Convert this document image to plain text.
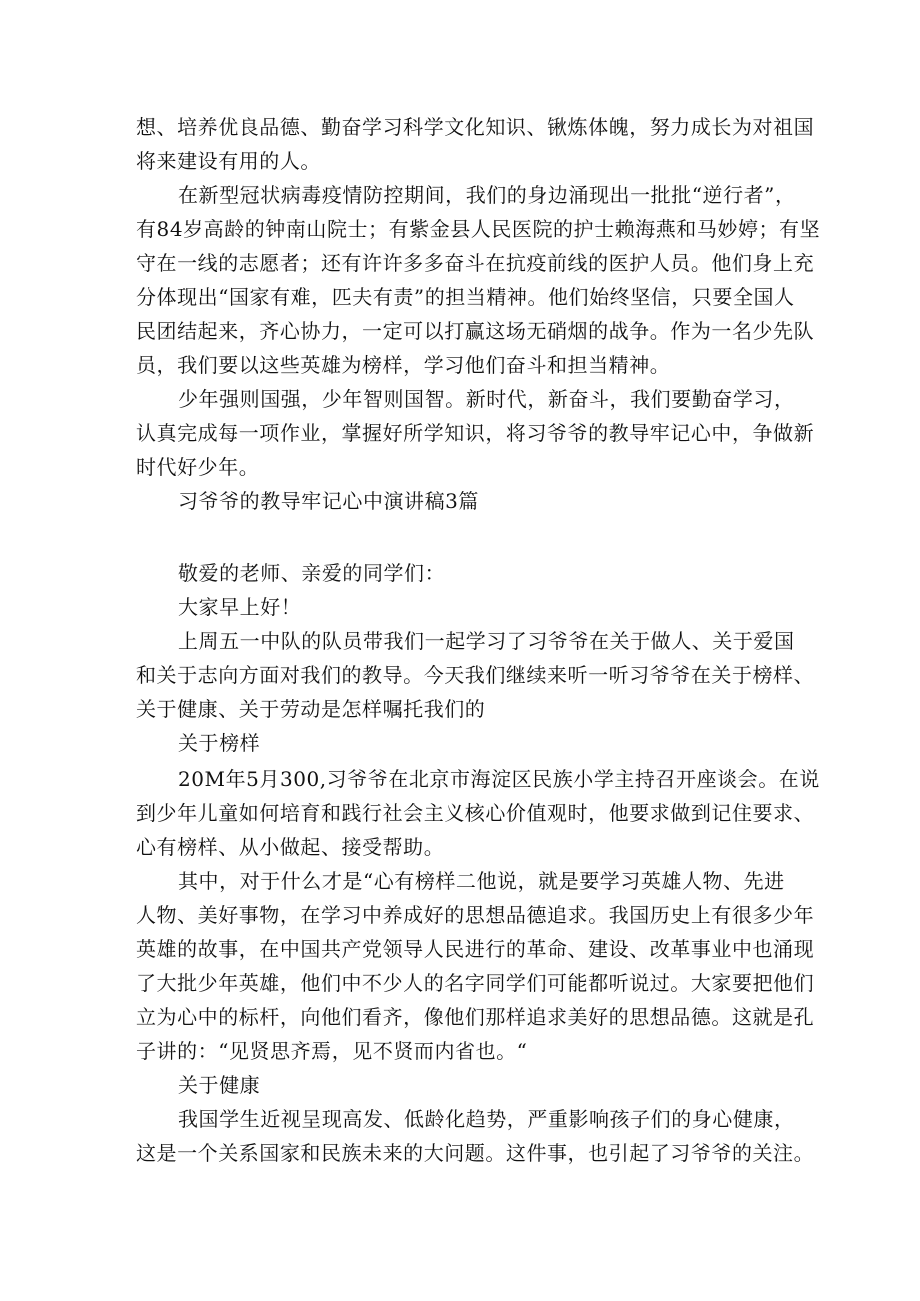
想、培养优良品德、勤奋学习科学文化知识、锹炼体魄，努力成长为对祖国

将来建设有用的人。

在新型冠状病毒疫情防控期间，我们的身边涌现出一批批“逆行者”，

有84岁高龄的钟南山院士；有紫金县人民医院的护士赖海燕和马妙婷；有坚

守在一线的志愿者；还有许许多多奋斗在抗疫前线的医护人员。他们身上充

分体现出“国家有难，匹夫有责”的担当精神。他们始终坚信，只要全国人

民团结起来，齐心协力，一定可以打赢这场无硝烟的战争。作为一名少先队

员，我们要以这些英雄为榜样，学习他们奋斗和担当精神。

少年强则国强，少年智则国智。新时代，新奋斗，我们要勤奋学习，

认真完成每一项作业，掌握好所学知识，将习爷爷的教导牢记心中，争做新

时代好少年。

习爷爷的教导牢记心中演讲稿3篇

敬爱的老师、亲爱的同学们：

大家早上好！

上周五一中队的队员带我们一起学习了习爷爷在关于做人、关于爱国

和关于志向方面对我们的教导。今天我们继续来听一听习爷爷在关于榜样、

关于健康、关于劳动是怎样嘱托我们的

关于榜样

20M年5月300,习爷爷在北京市海淀区民族小学主持召开座谈会。在说

到少年儿童如何培育和践行社会主义核心价值观时，他要求做到记住要求、

心有榜样、从小做起、接受帮助。

其中，对于什么才是“心有榜样二他说，就是要学习英雄人物、先进

人物、美好事物，在学习中养成好的思想品德追求。我国历史上有很多少年

英雄的故事，在中国共产党领导人民进行的革命、建设、改革事业中也涌现

了大批少年英雄，他们中不少人的名字同学们可能都听说过。大家要把他们

立为心中的标杆，向他们看齐，像他们那样追求美好的思想品德。这就是孔

子讲的：“见贤思齐焉，见不贤而内省也。“

关于健康

我国学生近视呈现高发、低龄化趋势，严重影响孩子们的身心健康，

这是一个关系国家和民族未来的大问题。这件事，也引起了习爷爷的关注。
